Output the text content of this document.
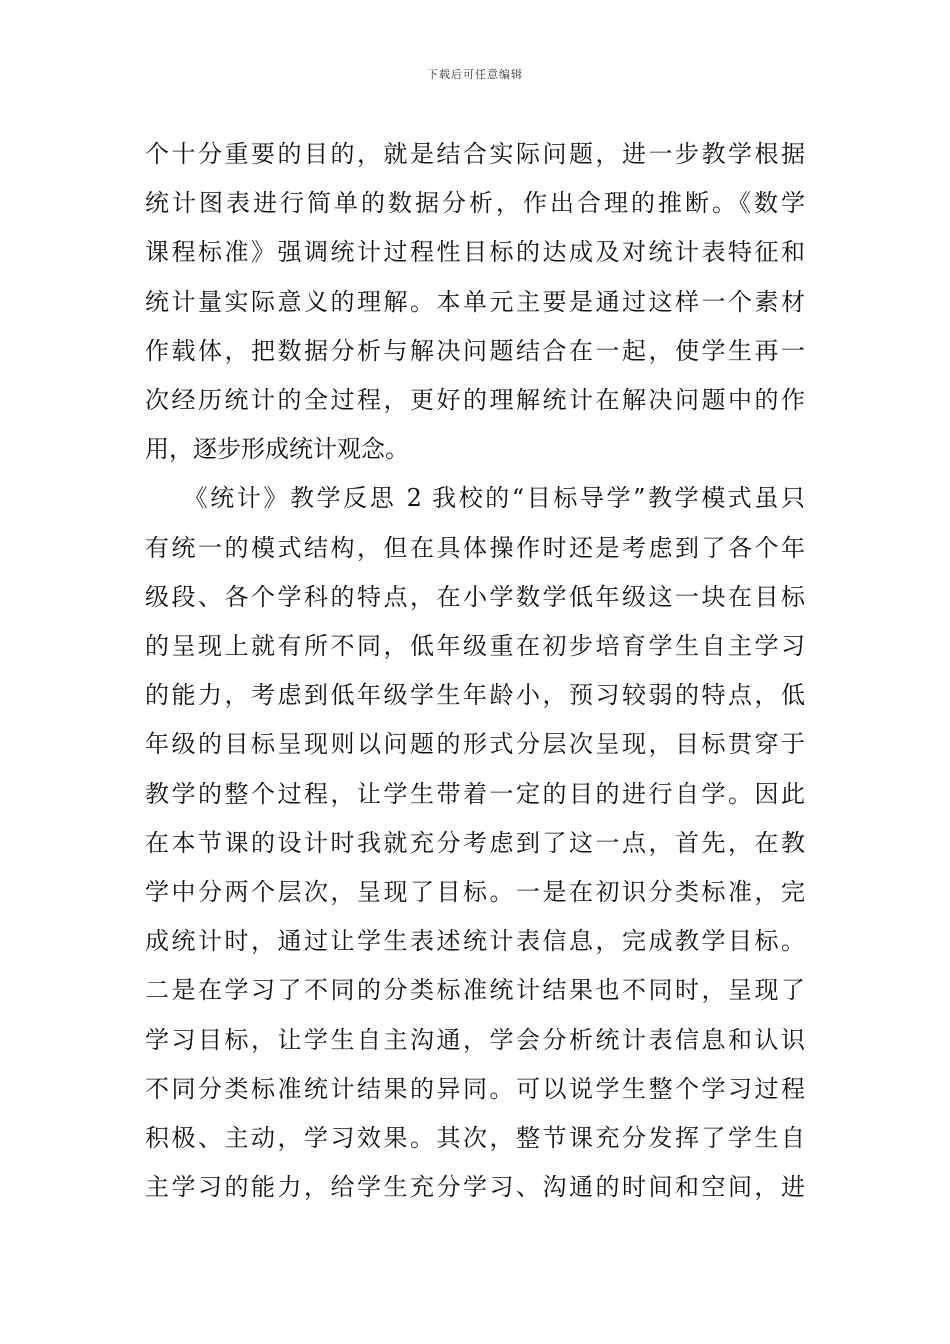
下载后可任意编辑

个十分重要的目的，就是结合实际问题，进一步教学根据
统计图表进行简单的数据分析，作出合理的推断。《数学
课程标准》强调统计过程性目标的达成及对统计表特征和
统计量实际意义的理解。本单元主要是通过这样一个素材
作载体，把数据分析与解决问题结合在一起，使学生再一
次经历统计的全过程，更好的理解统计在解决问题中的作
用，逐步形成统计观念。

《统计》教学反思 2 我校的“目标导学”教学模式虽只
有统一的模式结构，但在具体操作时还是考虑到了各个年
级段、各个学科的特点，在小学数学低年级这一块在目标
的呈现上就有所不同，低年级重在初步培育学生自主学习
的能力，考虑到低年级学生年龄小，预习较弱的特点，低
年级的目标呈现则以问题的形式分层次呈现，目标贯穿于
教学的整个过程，让学生带着一定的目的进行自学。因此
在本节课的设计时我就充分考虑到了这一点，首先，在教
学中分两个层次，呈现了目标。一是在初识分类标准，完
成统计时，通过让学生表述统计表信息，完成教学目标。
二是在学习了不同的分类标准统计结果也不同时，呈现了
学习目标，让学生自主沟通，学会分析统计表信息和认识
不同分类标准统计结果的异同。可以说学生整个学习过程
积极、主动，学习效果。其次，整节课充分发挥了学生自
主学习的能力，给学生充分学习、沟通的时间和空间，进
